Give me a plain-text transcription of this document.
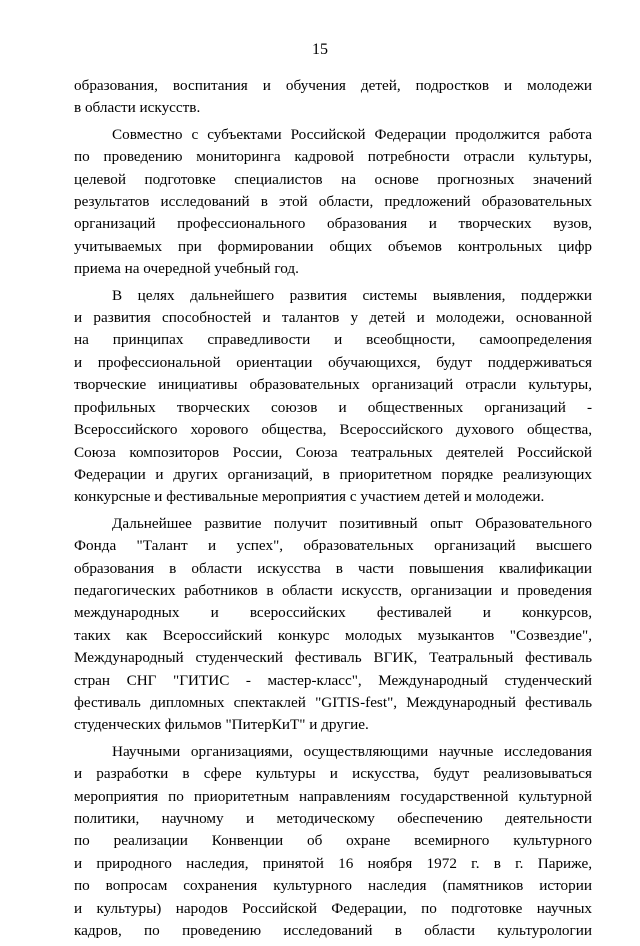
15
образования, воспитания и обучения детей, подростков и молодежи
в области искусств.
Совместно с субъектами Российской Федерации продолжится работа
по проведению мониторинга кадровой потребности отрасли культуры,
целевой подготовке специалистов на основе прогнозных значений
результатов исследований в этой области, предложений образовательных
организаций профессионального образования и творческих вузов,
учитываемых при формировании общих объемов контрольных цифр
приема на очередной учебный год.
В целях дальнейшего развития системы выявления, поддержки
и развития способностей и талантов у детей и молодежи, основанной
на принципах справедливости и всеобщности, самоопределения
и профессиональной ориентации обучающихся, будут поддерживаться
творческие инициативы образовательных организаций отрасли культуры,
профильных творческих союзов и общественных организаций -
Всероссийского хорового общества, Всероссийского духового общества,
Союза композиторов России, Союза театральных деятелей Российской
Федерации и других организаций, в приоритетном порядке реализующих
конкурсные и фестивальные мероприятия с участием детей и молодежи.
Дальнейшее развитие получит позитивный опыт Образовательного
Фонда "Талант и успех", образовательных организаций высшего
образования в области искусства в части повышения квалификации
педагогических работников в области искусств, организации и проведения
международных и всероссийских фестивалей и конкурсов,
таких как Всероссийский конкурс молодых музыкантов "Созвездие",
Международный студенческий фестиваль ВГИК, Театральный фестиваль
стран СНГ "ГИТИС - мастер-класс", Международный студенческий
фестиваль дипломных спектаклей "GITIS-fest", Международный фестиваль
студенческих фильмов "ПитерКиТ" и другие.
Научными организациями, осуществляющими научные исследования
и разработки в сфере культуры и искусства, будут реализовываться
мероприятия по приоритетным направлениям государственной культурной
политики, научному и методическому обеспечению деятельности
по реализации Конвенции об охране всемирного культурного
и природного наследия, принятой 16 ноября 1972 г. в г. Париже,
по вопросам сохранения культурного наследия (памятников истории
и культуры) народов Российской Федерации, по подготовке научных
кадров, по проведению исследований в области культурологии
